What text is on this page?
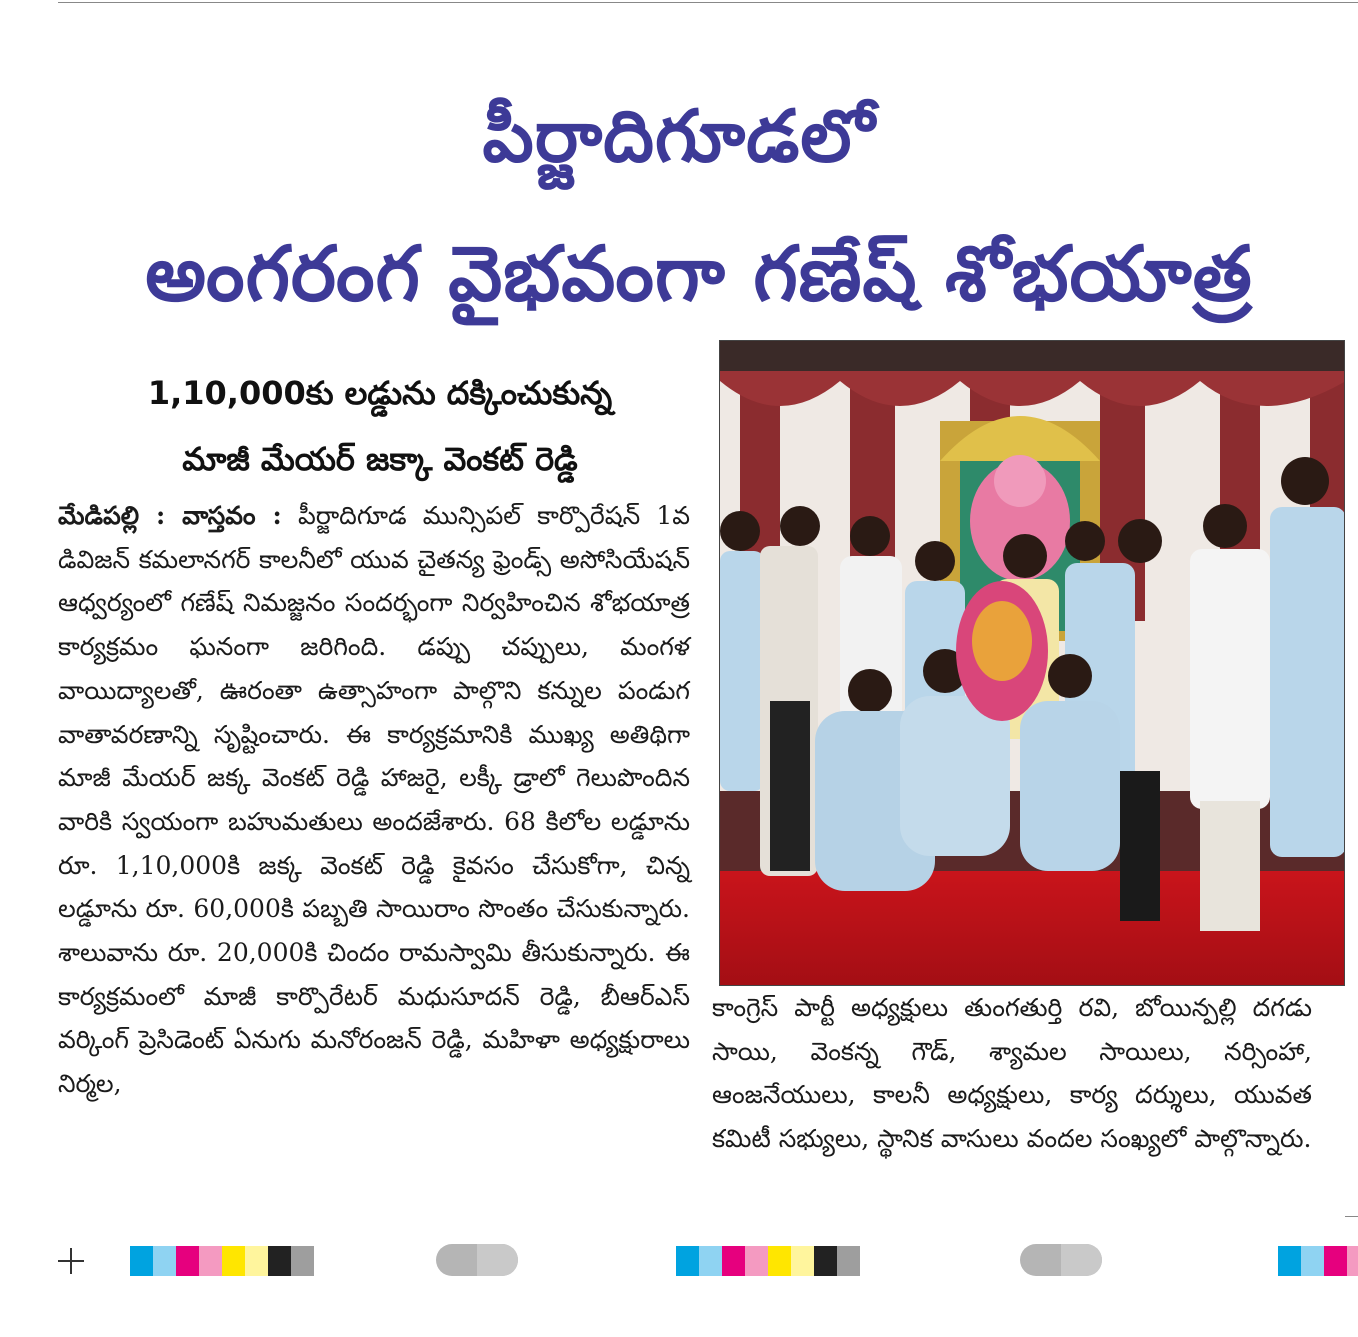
పీర్జాదిగూడలో
అంగరంగ వైభవంగా గణేష్ శోభయాత్ర
1,10,000కు లడ్డును దక్కించుకున్న
మాజీ మేయర్ జక్కా వెంకట్ రెడ్డి
మేడిపల్లి : వాస్తవం : పీర్జాదిగూడ మున్సిపల్ కార్పొరేషన్ 1వ డివిజన్ కమలానగర్ కాలనీలో యువ చైతన్య ఫ్రెండ్స్ అసోసియేషన్ ఆధ్వర్యంలో గణేష్ నిమజ్జనం సందర్భంగా నిర్వహించిన శోభయాత్ర కార్యక్రమం ఘనంగా జరిగింది. డప్పు చప్పులు, మంగళ వాయిద్యాలతో, ఊరంతా ఉత్సాహంగా పాల్గొని కన్నుల పండుగ వాతావరణాన్ని సృష్టించారు. ఈ కార్యక్రమానికి ముఖ్య అతిథిగా మాజీ మేయర్ జక్క వెంకట్ రెడ్డి హాజరై, లక్కీ డ్రాలో గెలుపొందిన వారికి స్వయంగా బహుమతులు అందజేశారు. 68 కిలోల లడ్డూను రూ. 1,10,000కి జక్క వెంకట్ రెడ్డి కైవసం చేసుకోగా, చిన్న లడ్డూను రూ. 60,000కి పబ్బతి సాయిరాం సొంతం చేసుకున్నారు. శాలువాను రూ. 20,000కి చిందం రామస్వామి తీసుకున్నారు. ఈ కార్యక్రమంలో మాజీ కార్పొరేటర్ మధుసూదన్ రెడ్డి, బీఆర్ఎస్ వర్కింగ్ ప్రెసిడెంట్ ఏనుగు మనోరంజన్ రెడ్డి, మహిళా అధ్యక్షురాలు నిర్మల,
కాంగ్రెస్ పార్టీ అధ్యక్షులు తుంగతుర్తి రవి, బోయిన్పల్లి దగడు సాయి, వెంకన్న గౌడ్, శ్యామల సాయిలు, నర్సింహా, ఆంజనేయులు, కాలనీ అధ్యక్షులు, కార్య దర్శులు, యువత కమిటీ సభ్యులు, స్థానిక వాసులు వందల సంఖ్యలో పాల్గొన్నారు.
